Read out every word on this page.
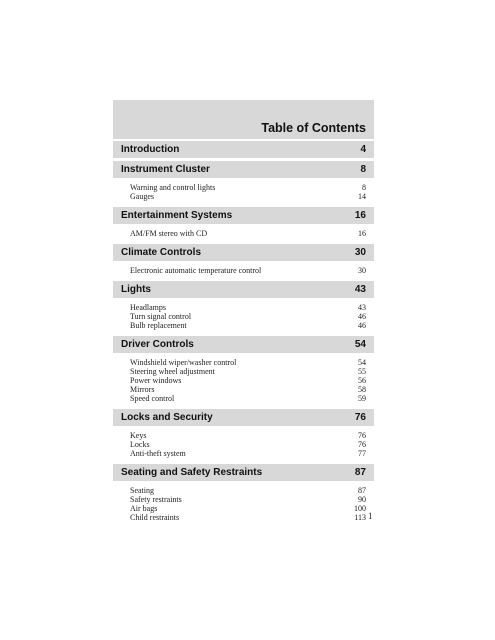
Table of Contents
Introduction	4
Instrument Cluster	8
Warning and control lights	8
Gauges	14
Entertainment Systems	16
AM/FM stereo with CD	16
Climate Controls	30
Electronic automatic temperature control	30
Lights	43
Headlamps	43
Turn signal control	46
Bulb replacement	46
Driver Controls	54
Windshield wiper/washer control	54
Steering wheel adjustment	55
Power windows	56
Mirrors	58
Speed control	59
Locks and Security	76
Keys	76
Locks	76
Anti-theft system	77
Seating and Safety Restraints	87
Seating	87
Safety restraints	90
Air bags	100
Child restraints	113 1
